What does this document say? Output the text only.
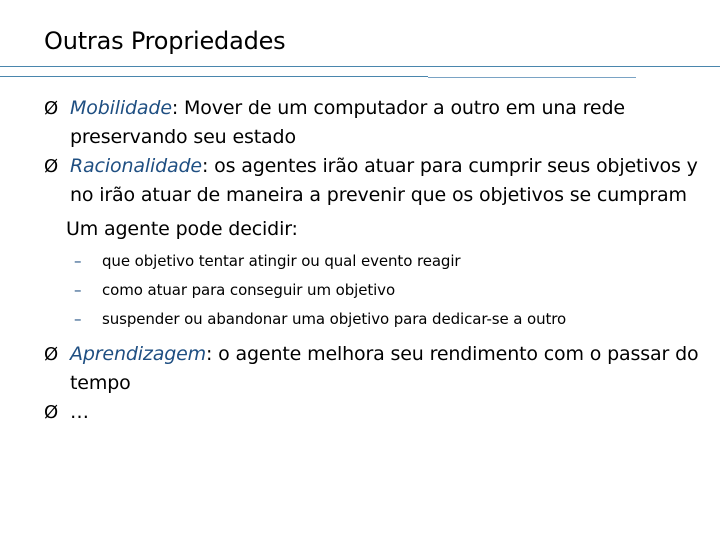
Outras Propriedades
Ø Mobilidade: Mover de um computador a outro em una rede preservando seu estado
Ø Racionalidade: os agentes irão atuar para cumprir seus objetivos y no irão atuar de maneira a prevenir que os objetivos se cumpram
Um agente pode decidir:
– que objetivo tentar atingir ou qual evento reagir
– como atuar para conseguir um objetivo
– suspender ou abandonar uma objetivo para dedicar-se a outro
Ø Aprendizagem: o agente melhora seu rendimento com o passar do tempo
Ø …
